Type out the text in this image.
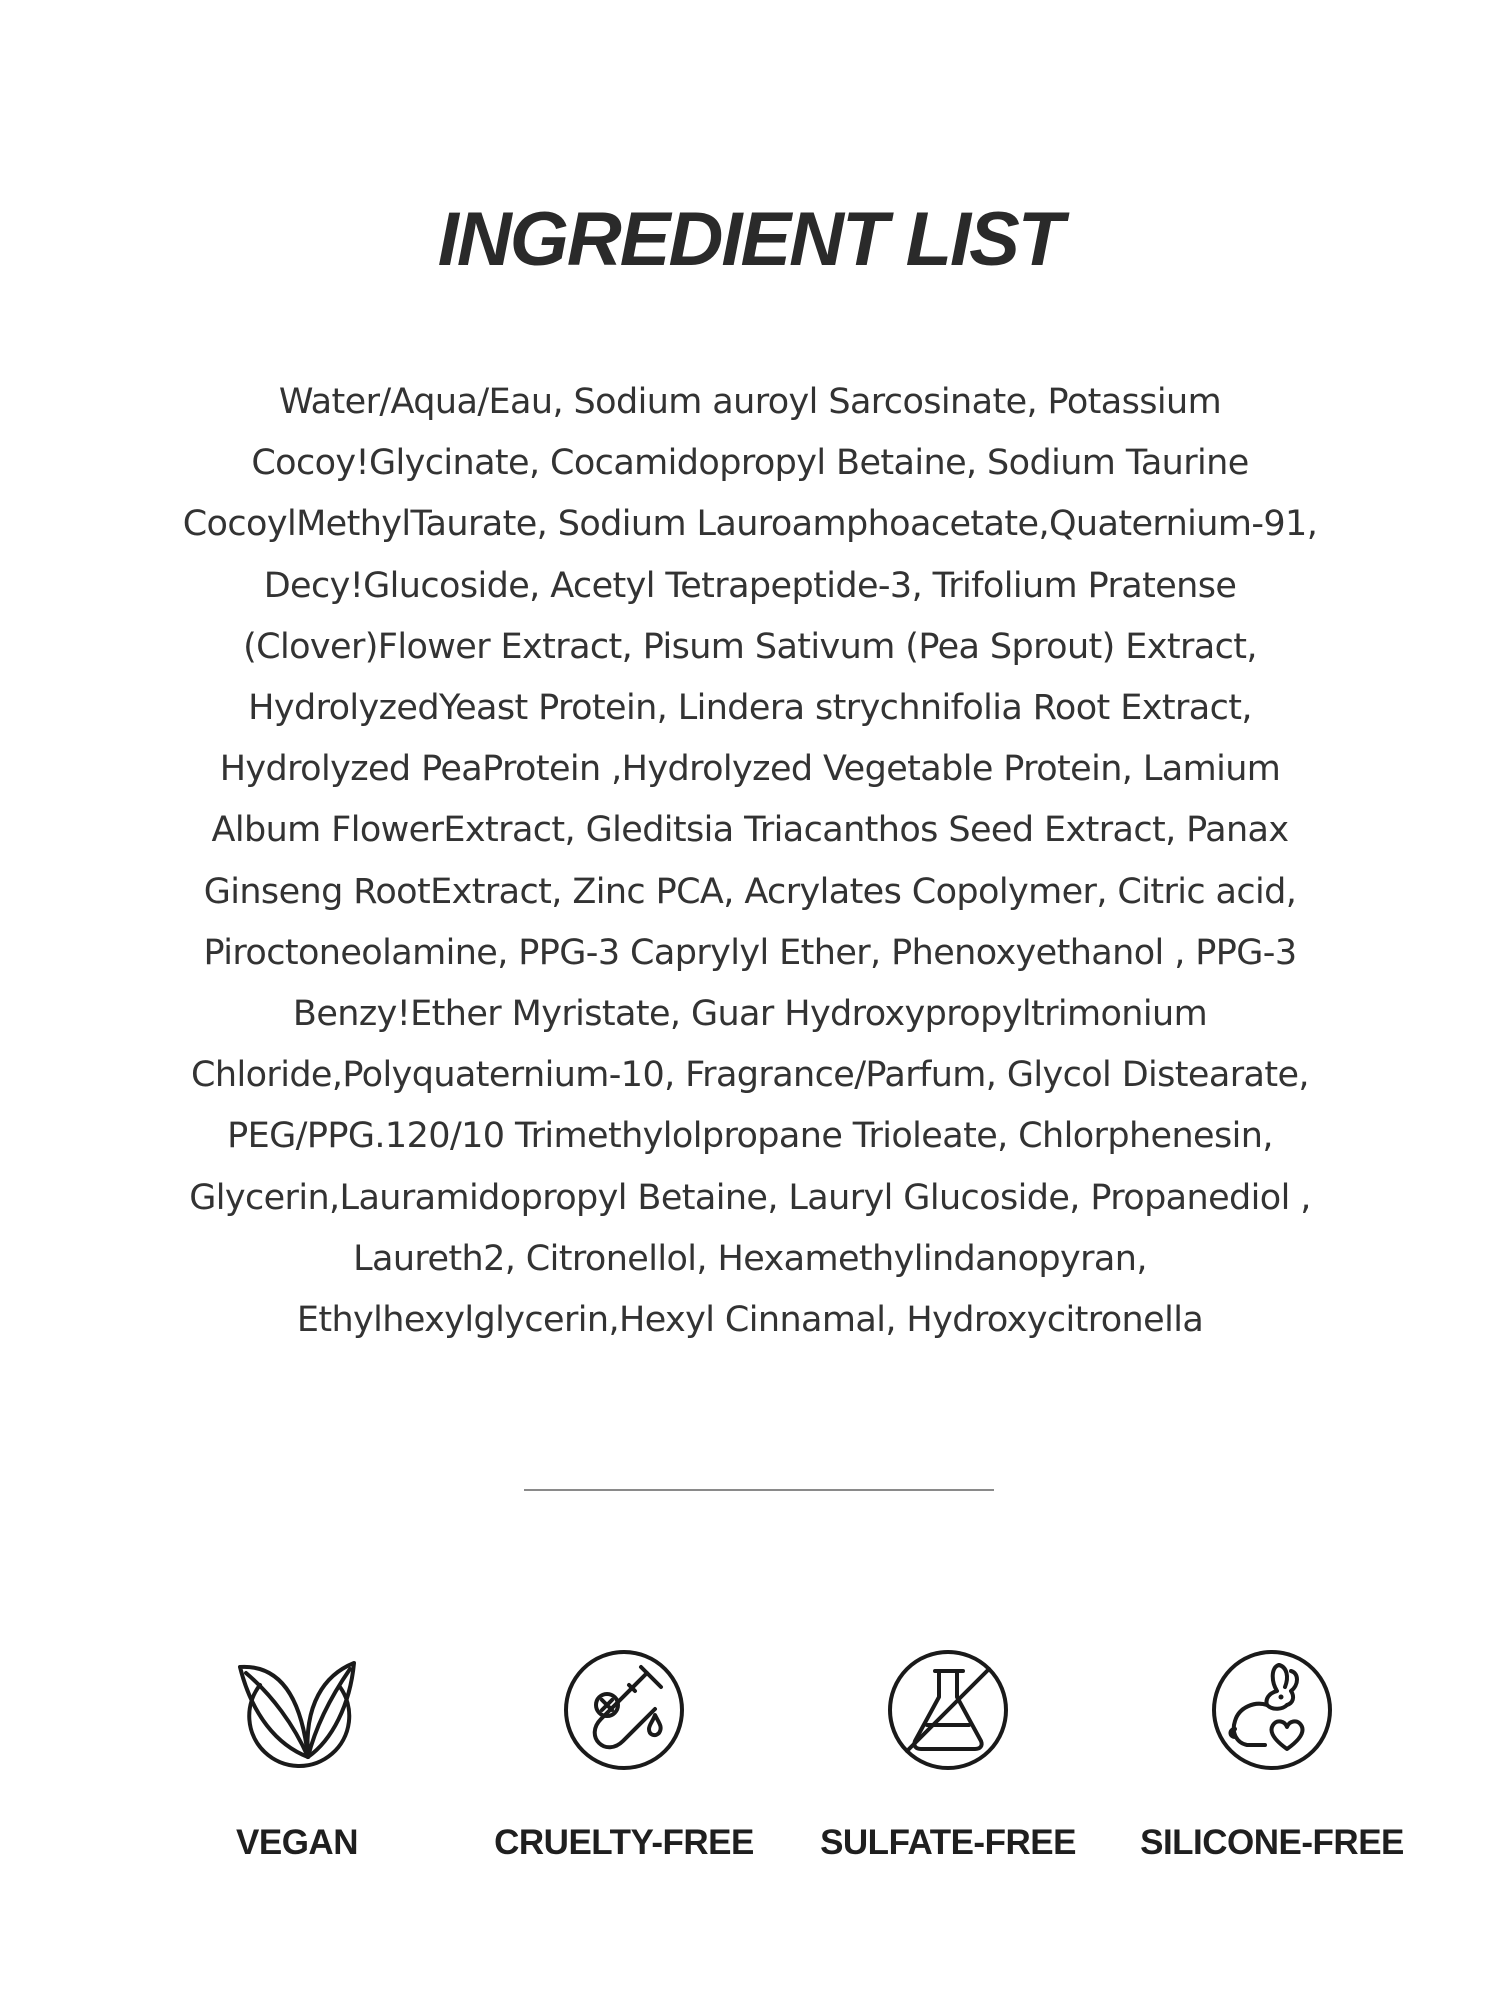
INGREDIENT LIST
Water/Aqua/Eau, Sodium auroyl Sarcosinate, Potassium
Cocoy!Glycinate, Cocamidopropyl Betaine, Sodium Taurine
CocoylMethylTaurate, Sodium Lauroamphoacetate,Quaternium-91,
Decy!Glucoside, Acetyl Tetrapeptide-3, Trifolium Pratense
(Clover)Flower Extract, Pisum Sativum (Pea Sprout) Extract,
HydrolyzedYeast Protein, Lindera strychnifolia Root Extract,
Hydrolyzed PeaProtein ,Hydrolyzed Vegetable Protein, Lamium
Album FlowerExtract, Gleditsia Triacanthos Seed Extract, Panax
Ginseng RootExtract, Zinc PCA, Acrylates Copolymer, Citric acid,
Piroctoneolamine, PPG-3 Caprylyl Ether, Phenoxyethanol , PPG-3
Benzy!Ether Myristate, Guar Hydroxypropyltrimonium
Chloride,Polyquaternium-10, Fragrance/Parfum, Glycol Distearate,
PEG/PPG.120/10 Trimethylolpropane Trioleate, Chlorphenesin,
Glycerin,Lauramidopropyl Betaine, Lauryl Glucoside, Propanediol ,
Laureth2, Citronellol, Hexamethylindanopyran,
Ethylhexylglycerin,Hexyl Cinnamal, Hydroxycitronella
VEGAN	CRUELTY-FREE	SULFATE-FREE	SILICONE-FREE
